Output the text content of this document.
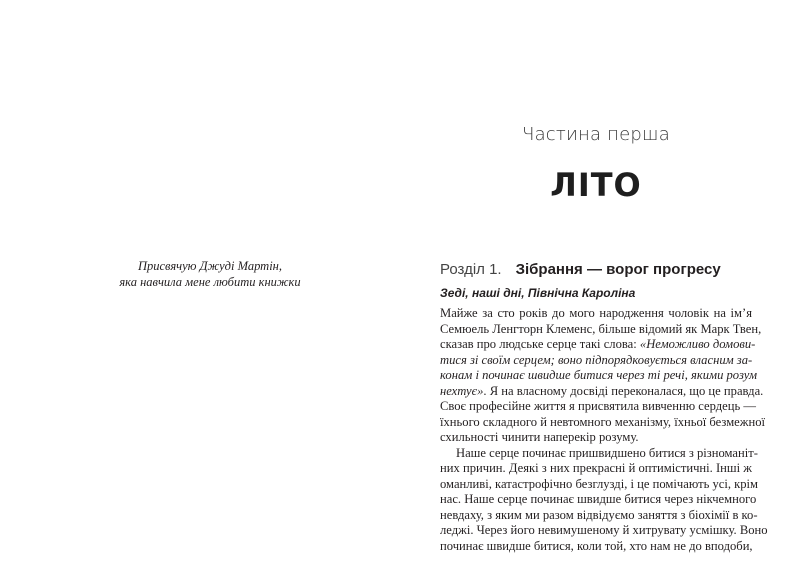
Присвячую Джуді Мартін,
яка навчила мене любити книжки
Частина перша
ЛІТО
Розділ 1. Зібрання — ворог прогресу
Зеді, наші дні, Північна Кароліна
Майже за сто років до мого народження чоловік на ім’я
Семюель Ленгторн Клеменс, більше відомий як Марк Твен,
сказав про людське серце такі слова: «Неможливо домови-
тися зі своїм серцем; воно підпорядковується власним за-
конам і починає швидше битися через ті речі, якими розум
нехтує». Я на власному досвіді переконалася, що це правда.
Своє професійне життя я присвятила вивченню сердець —
їхнього складного й невтомного механізму, їхньої безмежної
схильності чинити наперекір розуму.
Наше серце починає пришвидшено битися з різноманіт-
них причин. Деякі з них прекрасні й оптимістичні. Інші ж
оманливі, катастрофічно безглузді, і це помічають усі, крім
нас. Наше серце починає швидше битися через нікчемного
невдаху, з яким ми разом відвідуємо заняття з біохімії в ко-
леджі. Через його невимушеному й хитрувату усмішку. Воно
починає швидше битися, коли той, хто нам не до вподоби,
